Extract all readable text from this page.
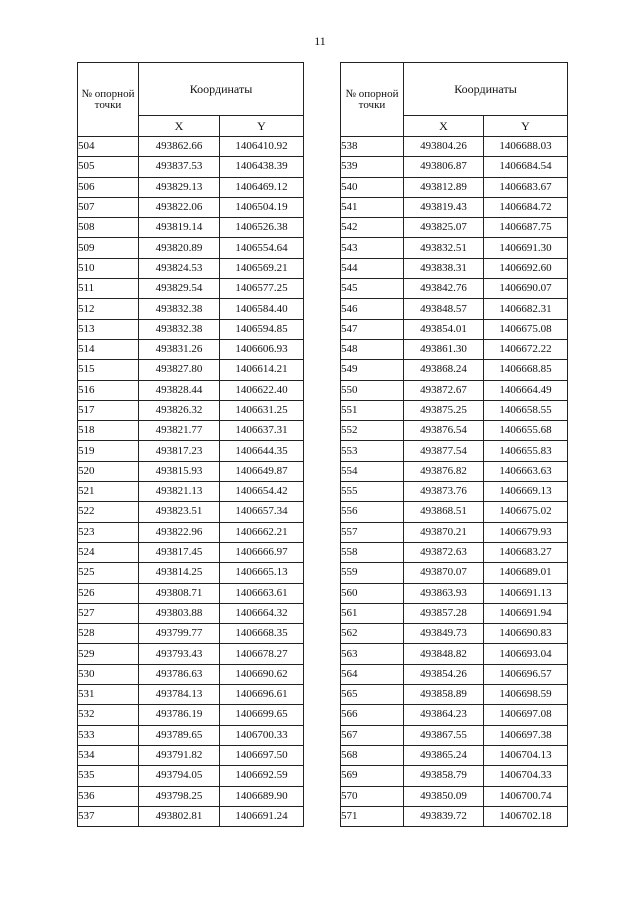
11
№ опорной точки	Координаты	
	X	Y
504	493862.66	1406410.92
505	493837.53	1406438.39
506	493829.13	1406469.12
507	493822.06	1406504.19
508	493819.14	1406526.38
509	493820.89	1406554.64
510	493824.53	1406569.21
511	493829.54	1406577.25
512	493832.38	1406584.40
513	493832.38	1406594.85
514	493831.26	1406606.93
515	493827.80	1406614.21
516	493828.44	1406622.40
517	493826.32	1406631.25
518	493821.77	1406637.31
519	493817.23	1406644.35
520	493815.93	1406649.87
521	493821.13	1406654.42
522	493823.51	1406657.34
523	493822.96	1406662.21
524	493817.45	1406666.97
525	493814.25	1406665.13
526	493808.71	1406663.61
527	493803.88	1406664.32
528	493799.77	1406668.35
529	493793.43	1406678.27
530	493786.63	1406690.62
531	493784.13	1406696.61
532	493786.19	1406699.65
533	493789.65	1406700.33
534	493791.82	1406697.50
535	493794.05	1406692.59
536	493798.25	1406689.90
537	493802.81	1406691.24
№ опорной точки	Координаты	
	X	Y
538	493804.26	1406688.03
539	493806.87	1406684.54
540	493812.89	1406683.67
541	493819.43	1406684.72
542	493825.07	1406687.75
543	493832.51	1406691.30
544	493838.31	1406692.60
545	493842.76	1406690.07
546	493848.57	1406682.31
547	493854.01	1406675.08
548	493861.30	1406672.22
549	493868.24	1406668.85
550	493872.67	1406664.49
551	493875.25	1406658.55
552	493876.54	1406655.68
553	493877.54	1406655.83
554	493876.82	1406663.63
555	493873.76	1406669.13
556	493868.51	1406675.02
557	493870.21	1406679.93
558	493872.63	1406683.27
559	493870.07	1406689.01
560	493863.93	1406691.13
561	493857.28	1406691.94
562	493849.73	1406690.83
563	493848.82	1406693.04
564	493854.26	1406696.57
565	493858.89	1406698.59
566	493864.23	1406697.08
567	493867.55	1406697.38
568	493865.24	1406704.13
569	493858.79	1406704.33
570	493850.09	1406700.74
571	493839.72	1406702.18
